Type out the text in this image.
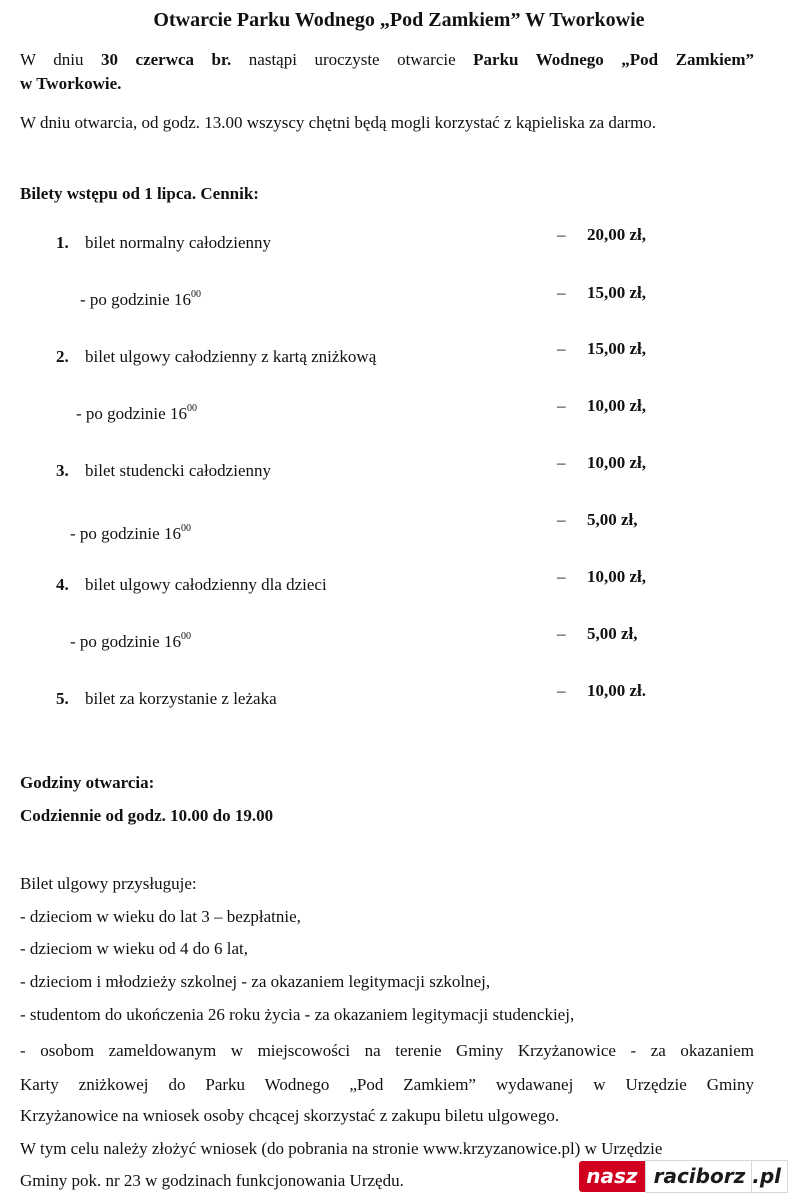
Otwarcie Parku Wodnego „Pod Zamkiem” W Tworkowie
W dniu 30 czerwca br. nastąpi uroczyste otwarcie Parku Wodnego „Pod Zamkiem”
w Tworkowie.
W dniu otwarcia, od godz. 13.00 wszyscy chętni będą mogli korzystać z kąpieliska za darmo.
Bilety wstępu od 1 lipca. Cennik:
1. bilet normalny całodzienny	– 20,00 zł,
- po godzinie $16^{00}$	– 15,00 zł,
2. bilet ulgowy całodzienny z kartą zniżkową	– 15,00 zł,
- po godzinie $16^{00}$	– 10,00 zł,
3. bilet studencki całodzienny	– 10,00 zł,
- po godzinie $16^{00}$	– 5,00 zł,
4. bilet ulgowy całodzienny dla dzieci	– 10,00 zł,
- po godzinie $16^{00}$	– 5,00 zł,
5. bilet za korzystanie z leżaka	– 10,00 zł.
Godziny otwarcia:
Codziennie od godz. 10.00 do 19.00
Bilet ulgowy przysługuje:
- dzieciom w wieku do lat 3 – bezpłatnie,
- dzieciom w wieku od 4 do 6 lat,
- dzieciom i młodzieży szkolnej - za okazaniem legitymacji szkolnej,
- studentom do ukończenia 26 roku życia - za okazaniem legitymacji studenckiej,
- osobom zameldowanym w miejscowości na terenie Gminy Krzyżanowice - za okazaniem
Karty zniżkowej do Parku Wodnego „Pod Zamkiem” wydawanej w Urzędzie Gminy
Krzyżanowice na wniosek osoby chcącej skorzystać z zakupu biletu ulgowego.
W tym celu należy złożyć wniosek (do pobrania na stronie www.krzyzanowice.pl) w Urzędzie
Gminy pok. nr 23 w godzinach funkcjonowania Urzędu.	nasz raciborz .pl
